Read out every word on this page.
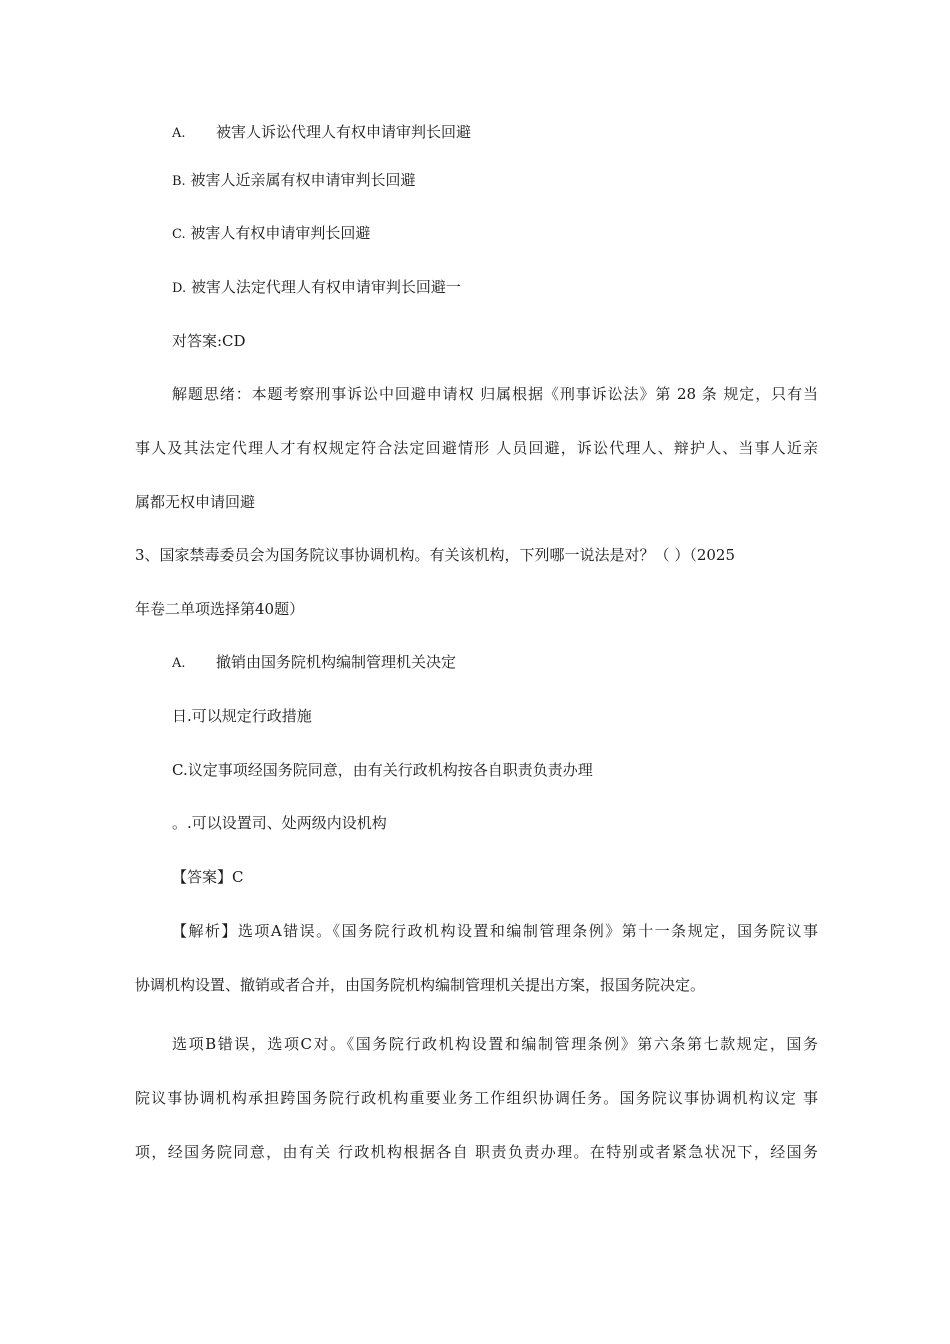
A. 被害人诉讼代理人有权申请审判长回避
B. 被害人近亲属有权申请审判长回避
C. 被害人有权申请审判长回避
D. 被害人法定代理人有权申请审判长回避一
对答案:CD
解题思绪：本题考察刑事诉讼中回避申请权 归属根据《刑事诉讼法》第 28 条 规定，只有当
事人及其法定代理人才有权规定符合法定回避情形 人员回避，诉讼代理人、辩护人、当事人近亲
属都无权申请回避
3、国家禁毒委员会为国务院议事协调机构。有关该机构，下列哪一说法是对？（ ）（2025
年卷二单项选择第40题）
A. 撤销由国务院机构编制管理机关决定
日.可以规定行政措施
C.议定事项经国务院同意，由有关行政机构按各自职责负责办理
。.可以设置司、处两级内设机构
【答案】C
【解析】选项A错误。《国务院行政机构设置和编制管理条例》第十一条规定，国务院议事
协调机构设置、撤销或者合并，由国务院机构编制管理机关提出方案，报国务院决定。
选项B错误，选项C对。《国务院行政机构设置和编制管理条例》第六条第七款规定，国务
院议事协调机构承担跨国务院行政机构重要业务工作组织协调任务。国务院议事协调机构议定 事
项，经国务院同意，由有关 行政机构根据各自 职责负责办理。在特别或者紧急状况下，经国务
